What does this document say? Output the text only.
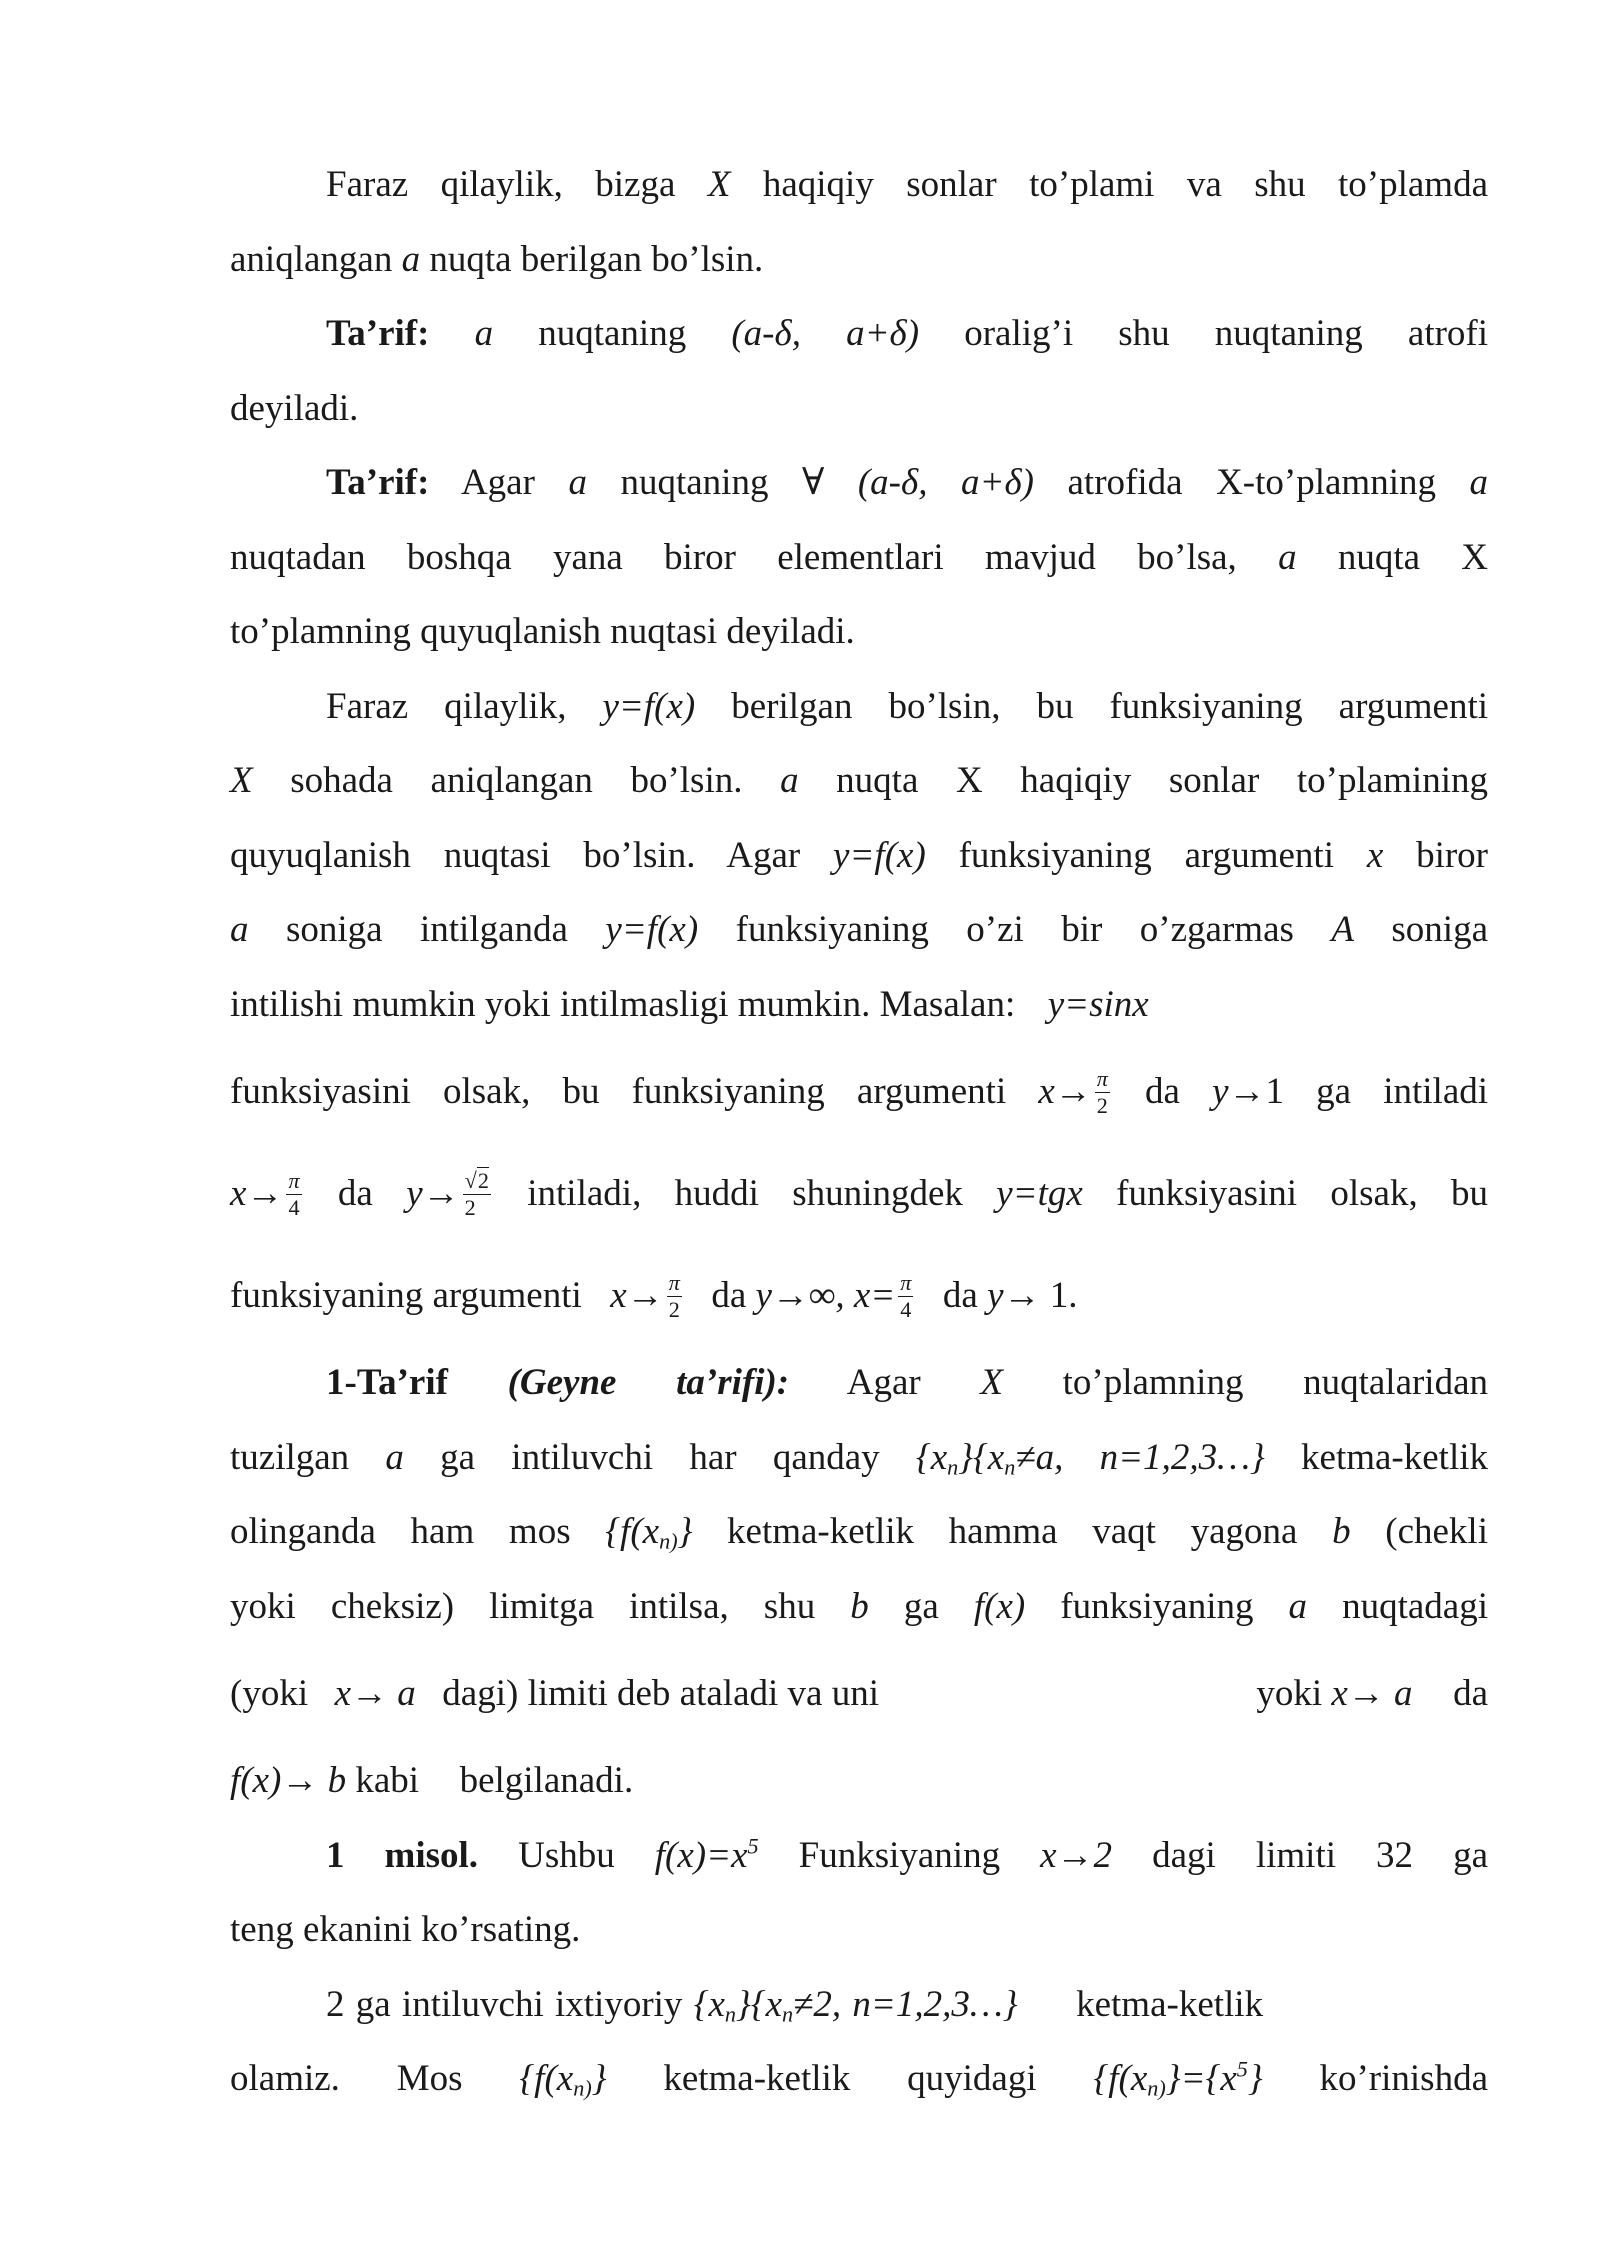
Faraz qilaylik, bizga X haqiqiy sonlar to’plami va shu to’plamda
aniqlangan a nuqta berilgan bo’lsin.
Ta’rif: a nuqtaning (a-δ, a+δ) oralig’i shu nuqtaning atrofi
deyiladi.
Ta’rif: Agar a nuqtaning ∀ (a-δ, a+δ) atrofida X-to’plamning a
nuqtadan boshqa yana biror elementlari mavjud bo’lsa, a nuqta X
to’plamning quyuqlanish nuqtasi deyiladi.
Faraz qilaylik, y=f(x) berilgan bo’lsin, bu funksiyaning argumenti
X sohada aniqlangan bo’lsin. a nuqta X haqiqiy sonlar to’plamining
quyuqlanish nuqtasi bo’lsin. Agar y=f(x) funksiyaning argumenti x biror
a soniga intilganda y=f(x) funksiyaning o’zi bir o’zgarmas A soniga
intilishi mumkin yoki intilmasligi mumkin. Masalan: y=sinx
funksiyasini olsak, bu funksiyaning argumenti $x\to \frac{\pi}{2}$ da y→1 ga intiladi
$x\to \frac{\pi}{4}$ da $y\to \frac{√2}{2}$ intiladi, huddi shuningdek y=tgx funksiyasini olsak, bu
funksiyaning argumenti $x\to \frac{\pi}{2}$ da y→∞, $x= \frac{\pi}{4}$ da y→ 1.
1-Ta’rif (Geyne ta’rifi): Agar X to’plamning nuqtalaridan
tuzilgan a ga intiluvchi har qanday $\{x_n\}\{x_n\ne a$, n=1,2,3…} ketma-ketlik
olinganda ham mos {$f(x_{n)}\}$ ketma-ketlik hamma vaqt yagona b (chekli
yoki cheksiz) limitga intilsa, shu b ga f(x) funksiyaning a nuqtadagi
(yoki x→ a dagi) limiti deb ataladi va uni	yoki x→ a da
f(x)→ b kabi belgilanadi.
1 misol. Ushbu $f(x)=x^5$ Funksiyaning x→2 dagi limiti 32 ga
teng ekanini ko’rsating.
2 ga intiluvchi ixtiyoriy $\{x_n\}\{x_n\ne 2$, n=1,2,3…} ketma-ketlik
olamiz. Mos {$f(x_{n)}\}$ ketma-ketlik quyidagi {$f(x_{n)}\}=\{x^5\}$ ko’rinishda
